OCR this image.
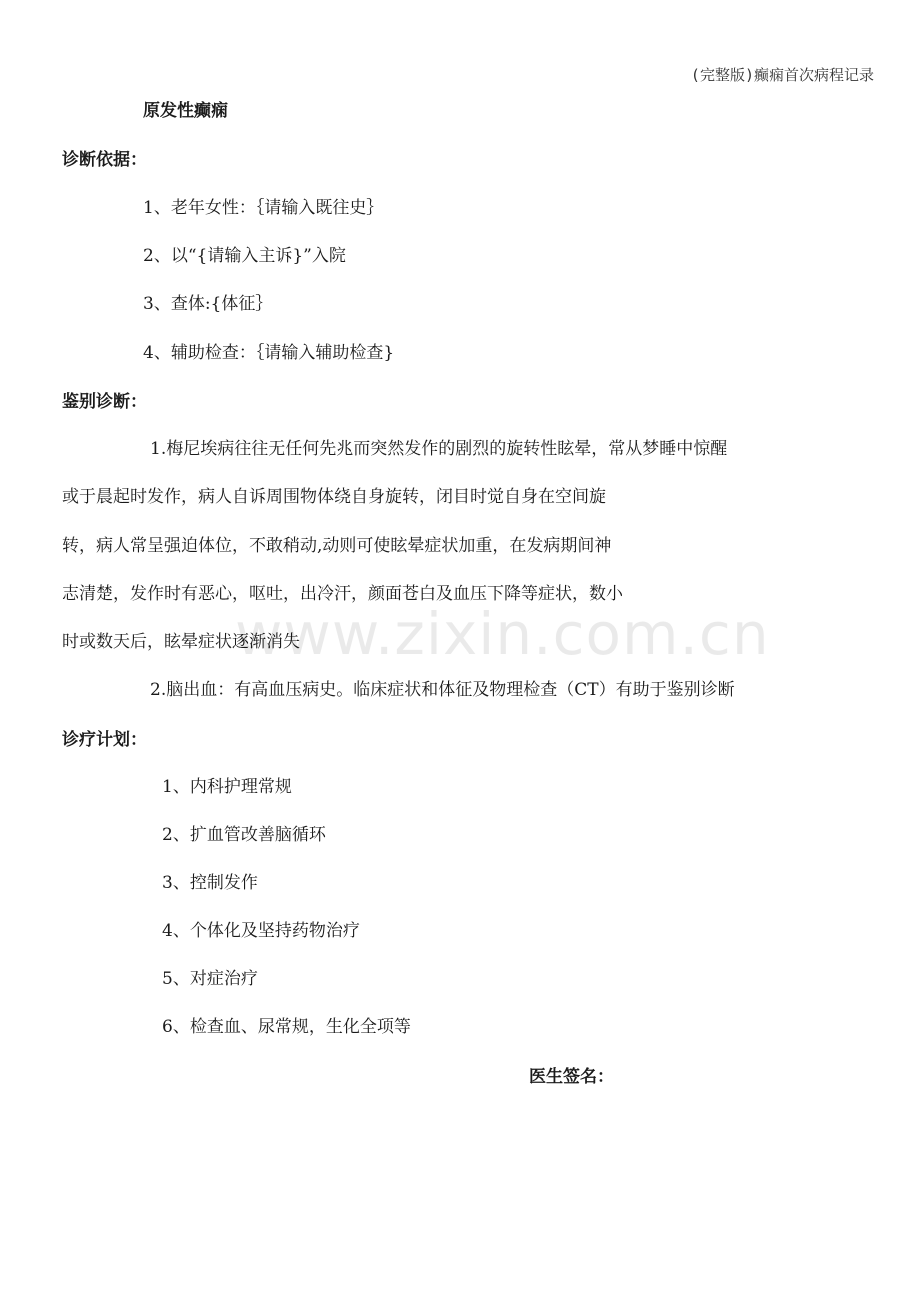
(完整版)癫痫首次病程记录
原发性癫痫
诊断依据：
1、老年女性：｛请输入既往史｝
2、以“{请输入主诉}”入院
3、查体:{体征｝
4、辅助检查：｛请输入辅助检查}
鉴别诊断：
1.梅尼埃病往往无任何先兆而突然发作的剧烈的旋转性眩晕，常从梦睡中惊醒
或于晨起时发作，病人自诉周围物体绕自身旋转，闭目时觉自身在空间旋
转，病人常呈强迫体位，不敢稍动,动则可使眩晕症状加重，在发病期间神
志清楚，发作时有恶心，呕吐，出冷汗，颜面苍白及血压下降等症状，数小
时或数天后，眩晕症状逐渐消失
2.脑出血：有高血压病史。临床症状和体征及物理检查（CT）有助于鉴别诊断
诊疗计划：
1、内科护理常规
2、扩血管改善脑循环
3、控制发作
4、个体化及坚持药物治疗
5、对症治疗
6、检查血、尿常规，生化全项等
医生签名：
www.zixin.com.cn
